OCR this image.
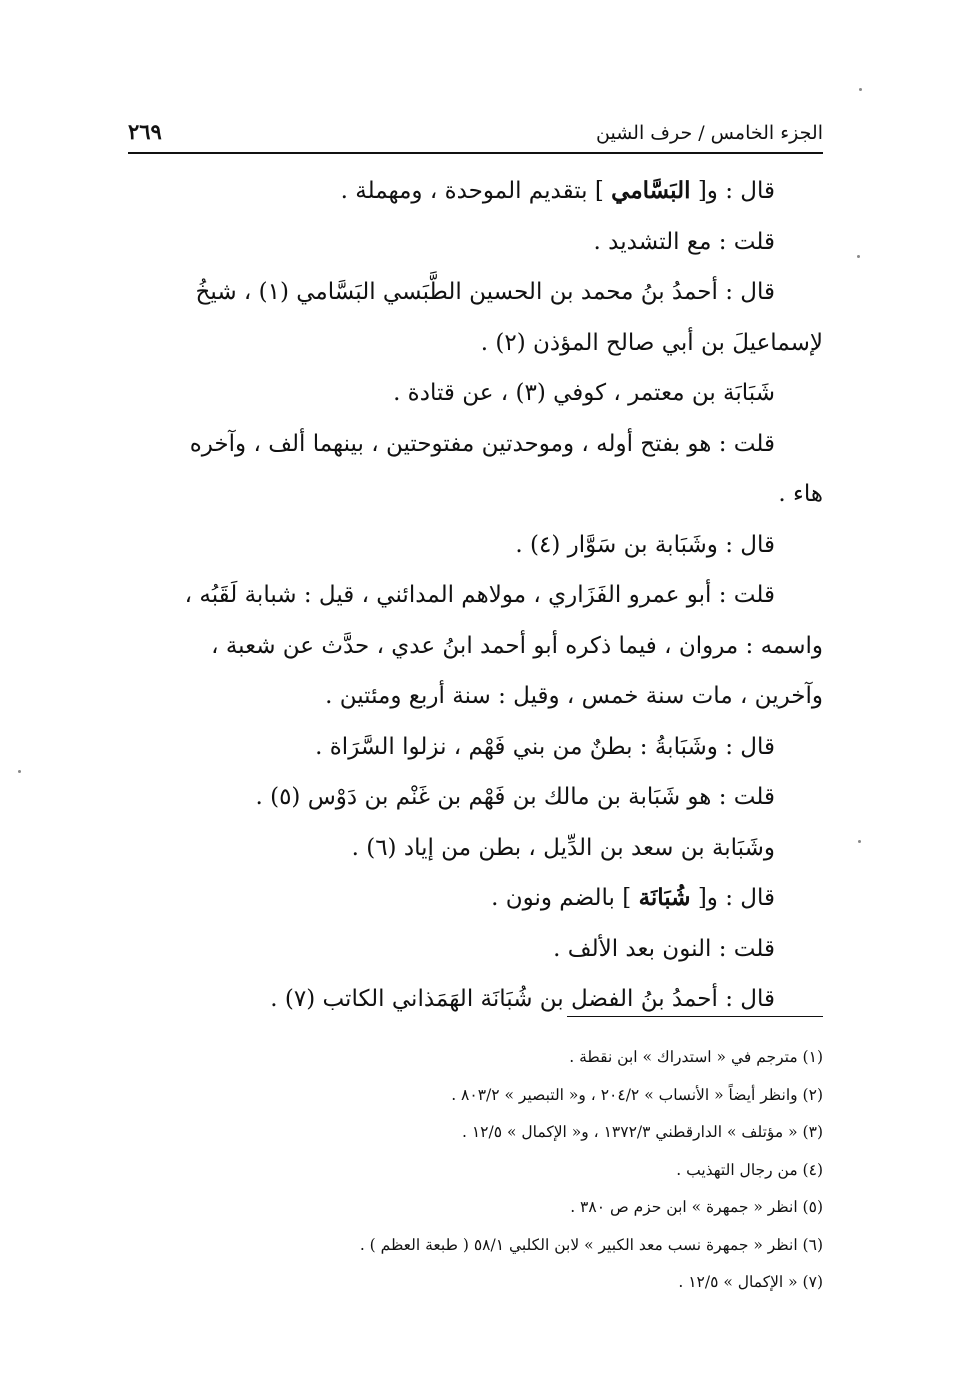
الجزء الخامس / حرف الشين
٢٦٩

قال : و[ البَسَّامي ] بتقديم الموحدة ، ومهملة .

قلت : مع التشديد .

قال : أحمدُ بنُ محمد بن الحسين الطَّبَسي البَسَّامي (١) ، شيخُ

لإسماعيلَ بن أبي صالح المؤذن (٢) .

شَبَابَة بن معتمر ، كوفي (٣) ، عن قتادة .

قلت : هو بفتح أوله ، وموحدتين مفتوحتين ، بينهما ألف ، وآخره

هاء .

قال : وشَبَابة بن سَوَّار (٤) .

قلت : أبو عمرو الفَزَاري ، مولاهم المدائني ، قيل : شبابة لَقَبُه ،

واسمه : مروان ، فيما ذكره أبو أحمد ابنُ عدي ، حدَّث عن شعبة ،

وآخرين ، مات سنة خمس ، وقيل : سنة أربع ومئتين .

قال : وشَبَابةُ : بطنٌ من بني فَهْم ، نزلوا السَّرَاة .

قلت : هو شَبَابة بن مالك بن فَهْم بن غَنْم بن دَوْس (٥) .

وشَبَابة بن سعد بن الدِّيل ، بطن من إياد (٦) .

قال : و[ شُبَانَة ] بالضم ونون .

قلت : النون بعد الألف .

قال : أحمدُ بنُ الفضل بن شُبَانَة الهَمَذاني الكاتب (٧) .

(١) مترجم في « استدراك » ابن نقطة .
(٢) وانظر أيضاً « الأنساب » ٢٠٤/٢ ، و« التبصير » ٨٠٣/٢ .
(٣) « مؤتلف » الدارقطني ١٣٧٢/٣ ، و« الإكمال » ١٢/٥ .
(٤) من رجال التهذيب .
(٥) انظر « جمهرة » ابن حزم ص ٣٨٠ .
(٦) انظر « جمهرة نسب معد الكبير » لابن الكلبي ٥٨/١ ( طبعة العظم ) .
(٧) « الإكمال » ١٢/٥ .
